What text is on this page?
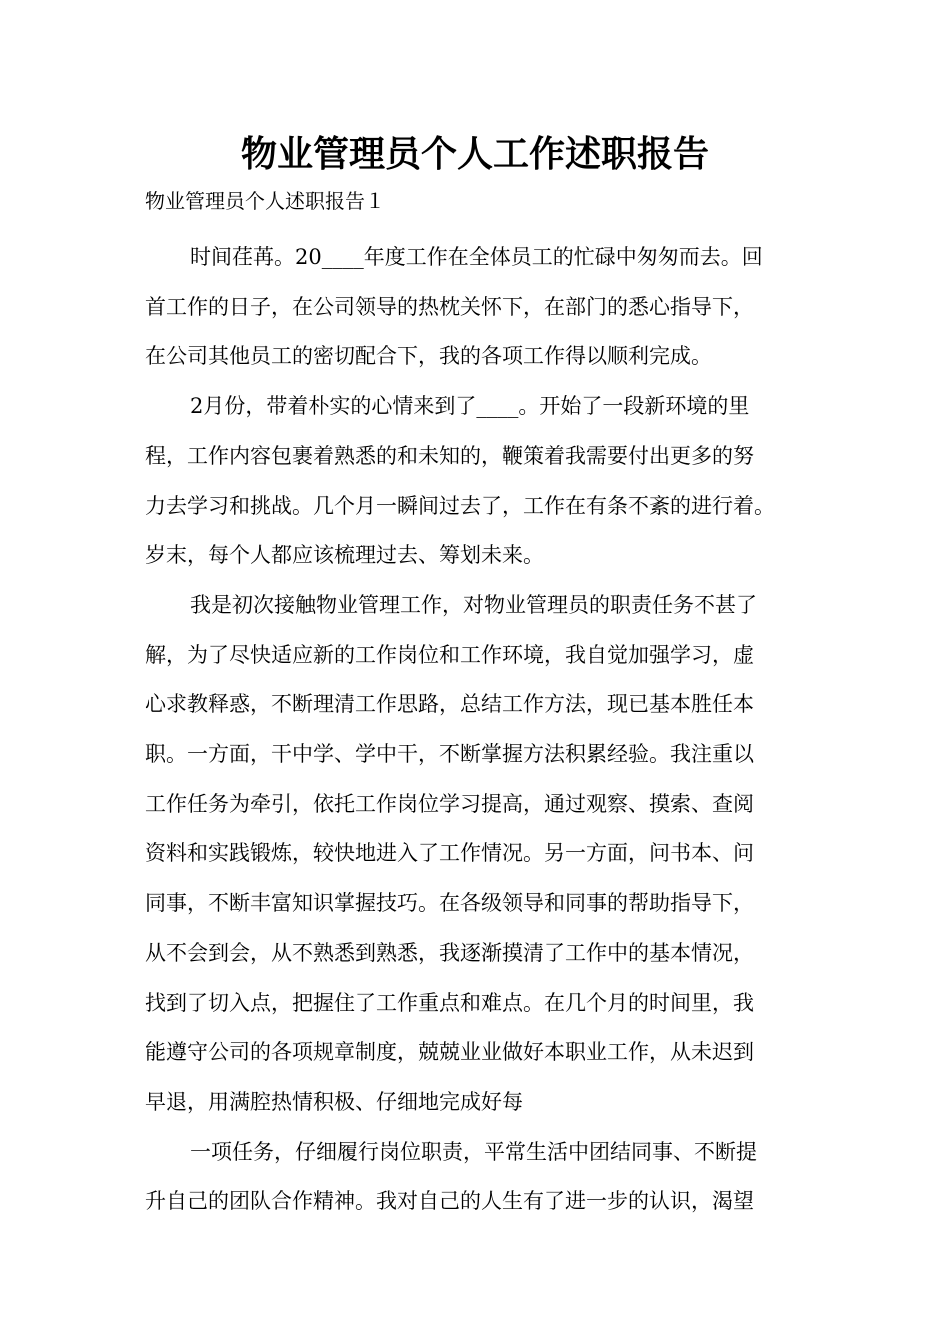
物业管理员个人工作述职报告

物业管理员个人述职报告１

时间荏苒。20____年度工作在全体员工的忙碌中匆匆而去。回
首工作的日子，在公司领导的热枕关怀下，在部门的悉心指导下，
在公司其他员工的密切配合下，我的各项工作得以顺利完成。

2月份，带着朴实的心情来到了____。开始了一段新环境的里
程，工作内容包裹着熟悉的和未知的，鞭策着我需要付出更多的努
力去学习和挑战。几个月一瞬间过去了，工作在有条不紊的进行着。
岁末，每个人都应该梳理过去、筹划未来。

我是初次接触物业管理工作，对物业管理员的职责任务不甚了
解，为了尽快适应新的工作岗位和工作环境，我自觉加强学习，虚
心求教释惑，不断理清工作思路，总结工作方法，现已基本胜任本
职。一方面，干中学、学中干，不断掌握方法积累经验。我注重以
工作任务为牵引，依托工作岗位学习提高，通过观察、摸索、查阅
资料和实践锻炼，较快地进入了工作情况。另一方面，问书本、问
同事，不断丰富知识掌握技巧。在各级领导和同事的帮助指导下，
从不会到会，从不熟悉到熟悉，我逐渐摸清了工作中的基本情况，
找到了切入点，把握住了工作重点和难点。在几个月的时间里，我
能遵守公司的各项规章制度，兢兢业业做好本职业工作，从未迟到
早退，用满腔热情积极、仔细地完成好每

一项任务，仔细履行岗位职责，平常生活中团结同事、不断提
升自己的团队合作精神。我对自己的人生有了进一步的认识，渴望
